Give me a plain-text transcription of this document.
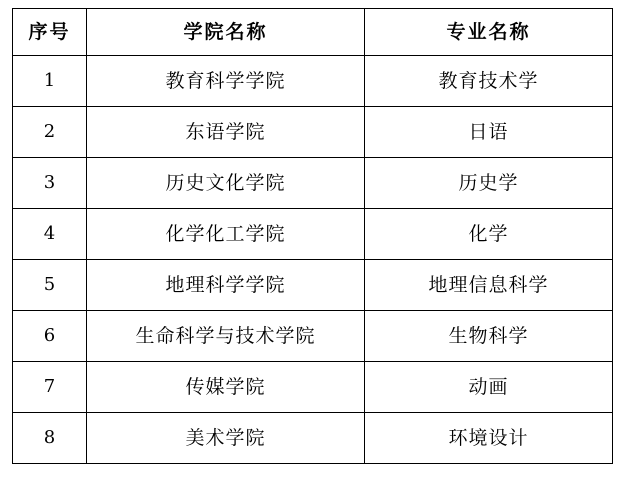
序号	学院名称	专业名称
1	教育科学学院	教育技术学
2	东语学院	日语
3	历史文化学院	历史学
4	化学化工学院	化学
5	地理科学学院	地理信息科学
6	生命科学与技术学院	生物科学
7	传媒学院	动画
8	美术学院	环境设计
